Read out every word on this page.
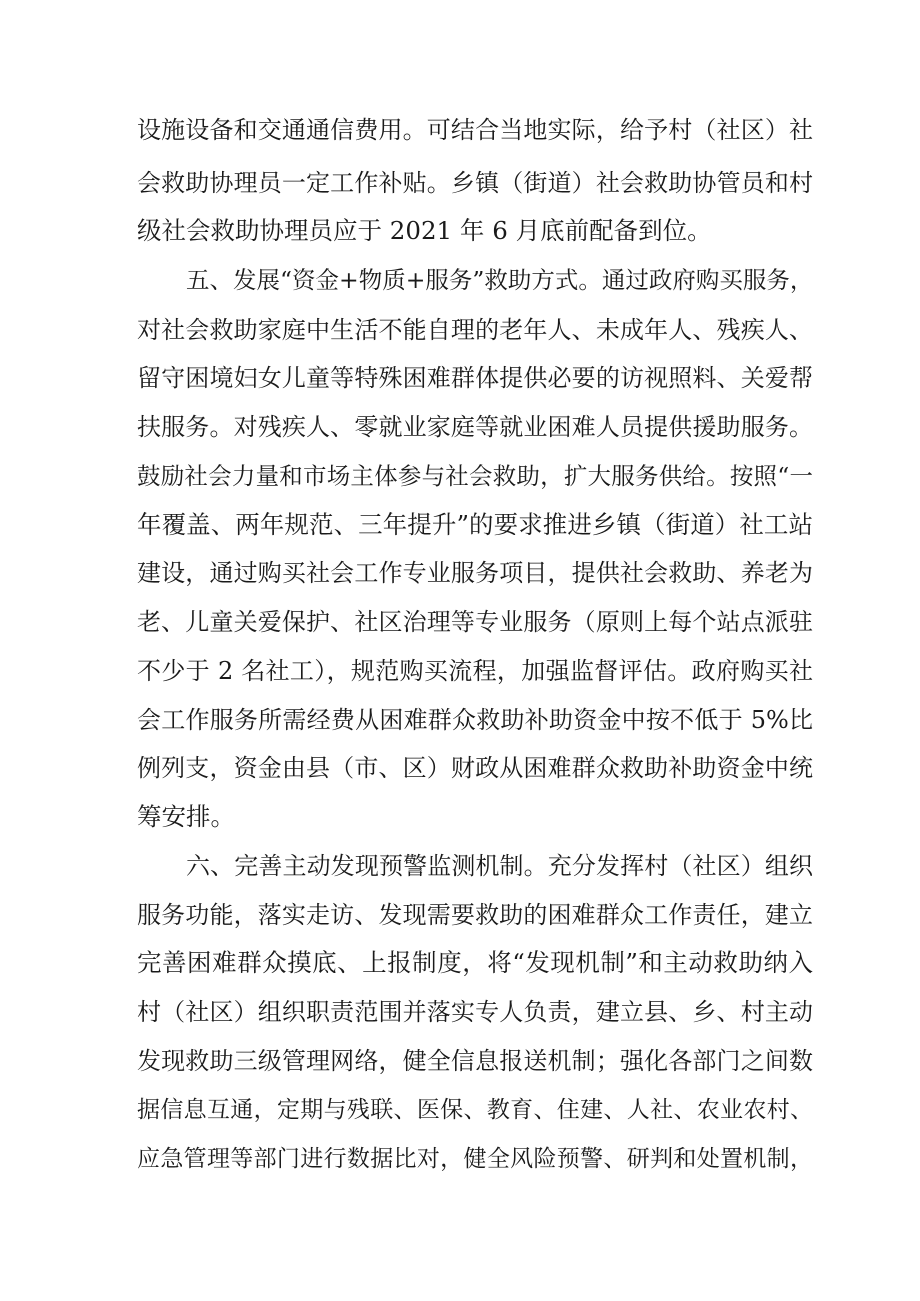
设施设备和交通通信费用。可结合当地实际，给予村（社区）社
会救助协理员一定工作补贴。乡镇（街道）社会救助协管员和村
级社会救助协理员应于 2021 年 6 月底前配备到位。
五、发展“资金+物质+服务”救助方式。通过政府购买服务，
对社会救助家庭中生活不能自理的老年人、未成年人、残疾人、
留守困境妇女儿童等特殊困难群体提供必要的访视照料、关爱帮
扶服务。对残疾人、零就业家庭等就业困难人员提供援助服务。
鼓励社会力量和市场主体参与社会救助，扩大服务供给。按照“一
年覆盖、两年规范、三年提升”的要求推进乡镇（街道）社工站
建设，通过购买社会工作专业服务项目，提供社会救助、养老为
老、儿童关爱保护、社区治理等专业服务（原则上每个站点派驻
不少于 2 名社工），规范购买流程，加强监督评估。政府购买社
会工作服务所需经费从困难群众救助补助资金中按不低于 5%比
例列支，资金由县（市、区）财政从困难群众救助补助资金中统
筹安排。
六、完善主动发现预警监测机制。充分发挥村（社区）组织
服务功能，落实走访、发现需要救助的困难群众工作责任，建立
完善困难群众摸底、上报制度，将“发现机制”和主动救助纳入
村（社区）组织职责范围并落实专人负责，建立县、乡、村主动
发现救助三级管理网络，健全信息报送机制；强化各部门之间数
据信息互通，定期与残联、医保、教育、住建、人社、农业农村、
应急管理等部门进行数据比对，健全风险预警、研判和处置机制，
